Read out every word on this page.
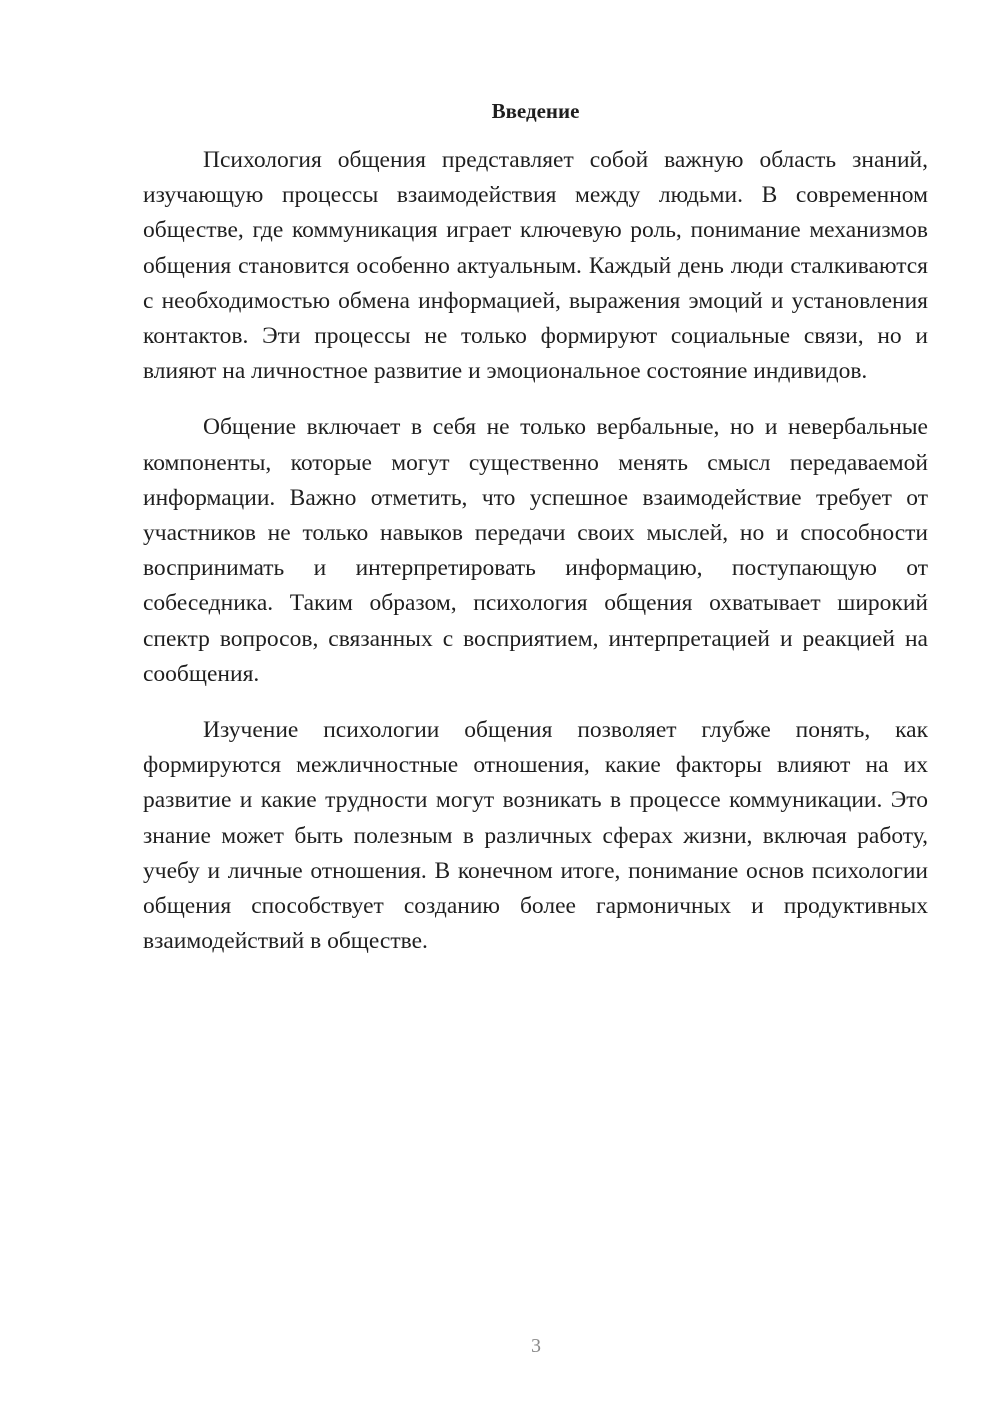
Введение

Психология общения представляет собой важную область знаний, изучающую процессы взаимодействия между людьми. В современном обществе, где коммуникация играет ключевую роль, понимание механизмов общения становится особенно актуальным. Каждый день люди сталкиваются с необходимостью обмена информацией, выражения эмоций и установления контактов. Эти процессы не только формируют социальные связи, но и влияют на личностное развитие и эмоциональное состояние индивидов.

Общение включает в себя не только вербальные, но и невербальные компоненты, которые могут существенно менять смысл передаваемой информации. Важно отметить, что успешное взаимодействие требует от участников не только навыков передачи своих мыслей, но и способности воспринимать и интерпретировать информацию, поступающую от собеседника. Таким образом, психология общения охватывает широкий спектр вопросов, связанных с восприятием, интерпретацией и реакцией на сообщения.

Изучение психологии общения позволяет глубже понять, как формируются межличностные отношения, какие факторы влияют на их развитие и какие трудности могут возникать в процессе коммуникации. Это знание может быть полезным в различных сферах жизни, включая работу, учебу и личные отношения. В конечном итоге, понимание основ психологии общения способствует созданию более гармоничных и продуктивных взаимодействий в обществе.

3
